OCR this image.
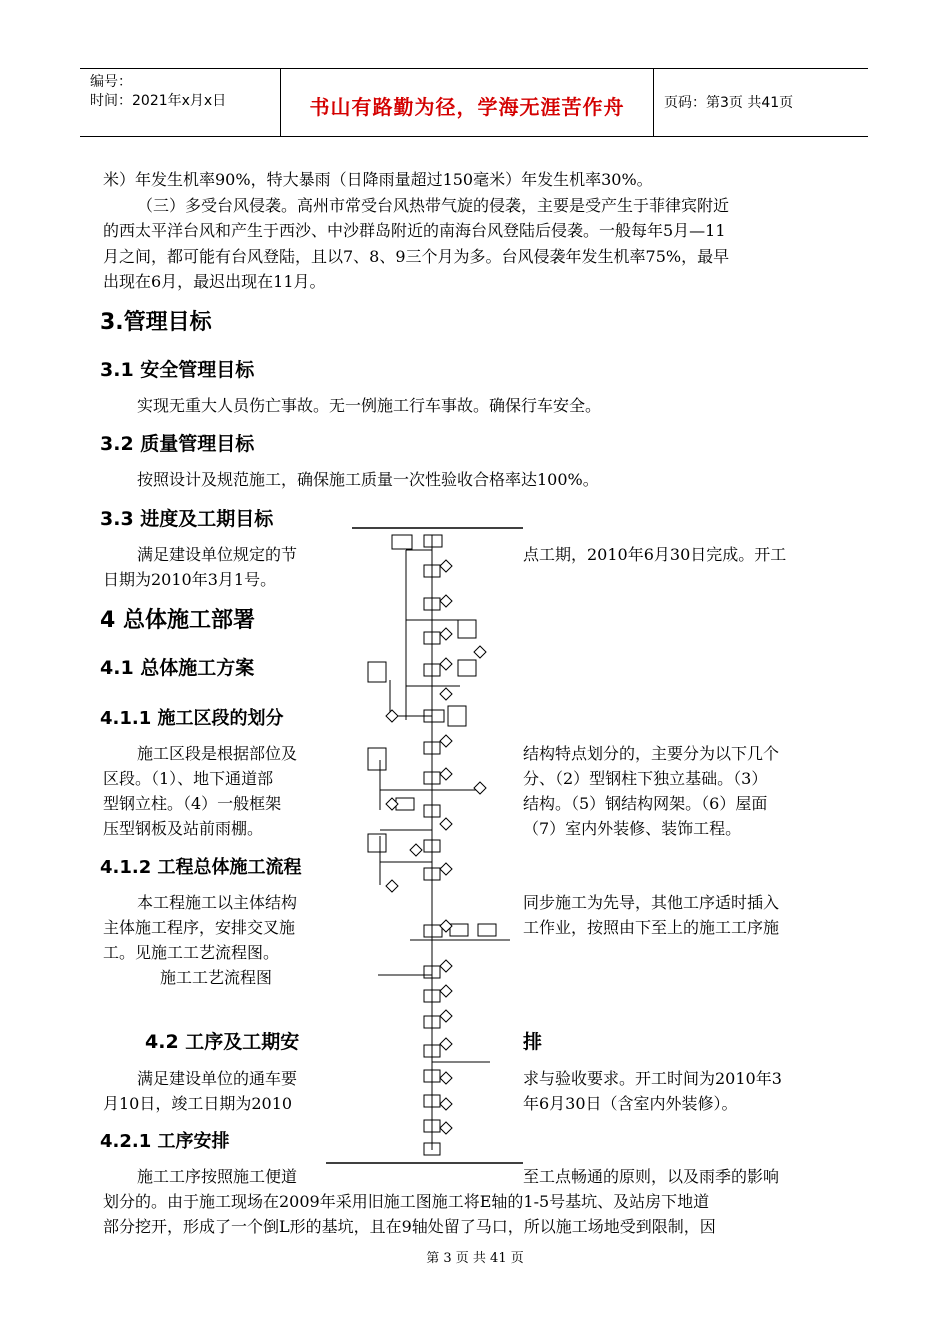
编号：
时间：2021年x月x日	书山有路勤为径，学海无涯苦作舟	页码：第3页 共41页
米）年发生机率90%，特大暴雨（日降雨量超过150毫米）年发生机率30%。
（三）多受台风侵袭。高州市常受台风热带气旋的侵袭，主要是受产生于菲律宾附近
的西太平洋台风和产生于西沙、中沙群岛附近的南海台风登陆后侵袭。一般每年5月—11
月之间，都可能有台风登陆，且以7、8、9三个月为多。台风侵袭年发生机率75%，最早
出现在6月，最迟出现在11月。
3.管理目标
3.1 安全管理目标
实现无重大人员伤亡事故。无一例施工行车事故。确保行车安全。
3.2 质量管理目标
按照设计及规范施工，确保施工质量一次性验收合格率达100%。
3.3 进度及工期目标
满足建设单位规定的节	点工期，2010年6月30日完成。开工
日期为2010年3月1号。
4 总体施工部署
4.1 总体施工方案
4.1.1 施工区段的划分
施工区段是根据部位及	结构特点划分的，主要分为以下几个
区段。（1）、地下通道部	分、（2）型钢柱下独立基础。（3）
型钢立柱。（4）一般框架	结构。（5）钢结构网架。（6）屋面
压型钢板及站前雨棚。	（7）室内外装修、装饰工程。
4.1.2 工程总体施工流程
本工程施工以主体结构	同步施工为先导，其他工序适时插入
主体施工程序，安排交叉施	工作业，按照由下至上的施工工序施
工。见施工工艺流程图。
施工工艺流程图
4.2 工序及工期安	排
满足建设单位的通车要	求与验收要求。开工时间为2010年3
月10日，竣工日期为2010	年6月30日（含室内外装修）。
4.2.1 工序安排
施工工序按照施工便道	至工点畅通的原则，以及雨季的影响
划分的。由于施工现场在2009年采用旧施工图施工将E轴的1-5号基坑、及站房下地道
部分挖开，形成了一个倒L形的基坑，且在9轴处留了马口，所以施工场地受到限制，因
第 3 页 共 41 页
